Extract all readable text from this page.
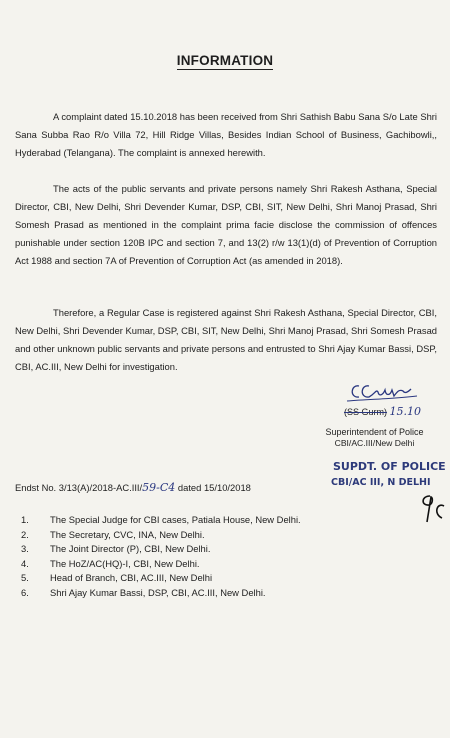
INFORMATION
A complaint dated 15.10.2018 has been received from Shri Sathish Babu Sana S/o Late Shri Sana Subba Rao R/o Villa 72, Hill Ridge Villas, Besides Indian School of Business, Gachibowli,, Hyderabad (Telangana). The complaint is annexed herewith.
The acts of the public servants and private persons namely Shri Rakesh Asthana, Special Director, CBI, New Delhi, Shri Devender Kumar, DSP, CBI, SIT, New Delhi, Shri Manoj Prasad, Shri Somesh Prasad as mentioned in the complaint prima facie disclose the commission of offences punishable under section 120B IPC and section 7, and 13(2) r/w 13(1)(d) of Prevention of Corruption Act 1988 and section 7A of Prevention of Corruption Act (as amended in 2018).
Therefore, a Regular Case is registered against Shri Rakesh Asthana, Special Director, CBI, New Delhi, Shri Devender Kumar, DSP, CBI, SIT, New Delhi, Shri Manoj Prasad, Shri Somesh Prasad and other unknown public servants and private persons and entrusted to Shri Ajay Kumar Bassi, DSP, CBI, AC.III, New Delhi for investigation.
(SS Gurm) 15.10
Superintendent of Police
CBI/AC.III/New Delhi
SUPDT. OF POLICE
CBI/AC III, N DELHI
Endst No. 3/13(A)/2018-AC.III/59-C4 dated 15/10/2018
1.	The Special Judge for CBI cases, Patiala House, New Delhi.
2.	The Secretary, CVC, INA, New Delhi.
3.	The Joint Director (P), CBI, New Delhi.
4.	The HoZ/AC(HQ)-I, CBI, New Delhi.
5.	Head of Branch, CBI, AC.III, New Delhi
6.	Shri Ajay Kumar Bassi, DSP, CBI, AC.III, New Delhi.
